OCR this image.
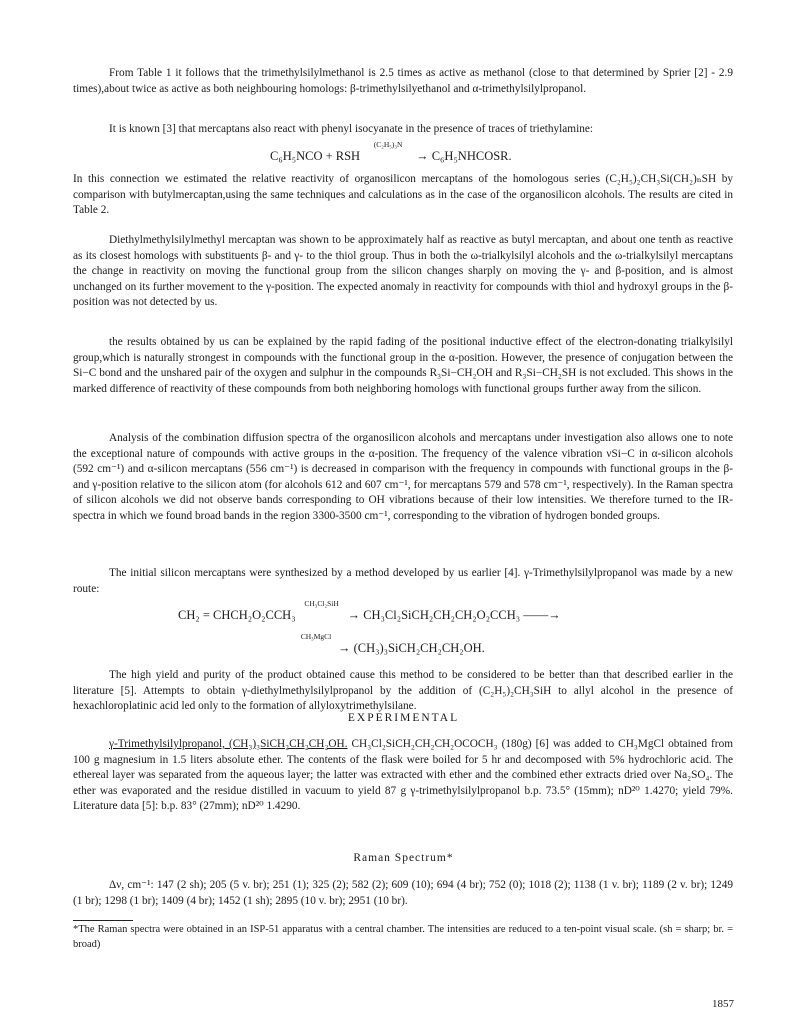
From Table 1 it follows that the trimethylsilylmethanol is 2.5 times as active as methanol (close to that determined by Sprier [2] - 2.9 times),about twice as active as both neighbouring homologs: β-trimethylsilyethanol and α-trimethylsilylpropanol.

It is known [3] that mercaptans also react with phenyl isocyanate in the presence of traces of triethylamine:

C₆H₅NCO + RSH
(C₂H₅)₃N
→ C₆H₅NHCOSR.

In this connection we estimated the relative reactivity of organosilicon mercaptans of the homologous series (C₂H₅)₂CH₃Si(CH₂)ₙSH by comparison with butylmercaptan,using the same techniques and calculations as in the case of the organosilicon alcohols. The results are cited in Table 2.

Diethylmethylsilylmethyl mercaptan was shown to be approximately half as reactive as butyl mercaptan, and about one tenth as reactive as its closest homologs with substituents β- and γ- to the thiol group. Thus in both the ω-trialkylsilyl alcohols and the ω-trialkylsilyl mercaptans the change in reactivity on moving the functional group from the silicon changes sharply on moving the γ- and β-position, and is almost unchanged on its further movement to the γ-position. The expected anomaly in reactivity for compounds with thiol and hydroxyl groups in the β-position was not detected by us.

the results obtained by us can be explained by the rapid fading of the positional inductive effect of the electron-donating trialkylsilyl group,which is naturally strongest in compounds with the functional group in the α-position. However, the presence of conjugation between the Si−C bond and the unshared pair of the oxygen and sulphur in the compounds R₃Si−CH₂OH and R₃Si−CH₂SH is not excluded. This shows in the marked difference of reactivity of these compounds from both neighboring homologs with functional groups further away from the silicon.

Analysis of the combination diffusion spectra of the organosilicon alcohols and mercaptans under investigation also allows one to note the exceptional nature of compounds with active groups in the α-position. The frequency of the valence vibration νSi−C in α-silicon alcohols (592 cm⁻¹) and α-silicon mercaptans (556 cm⁻¹) is decreased in comparison with the frequency in compounds with functional groups in the β- and γ-position relative to the silicon atom (for alcohols 612 and 607 cm⁻¹, for mercaptans 579 and 578 cm⁻¹, respectively). In the Raman spectra of silicon alcohols we did not observe bands corresponding to OH vibrations because of their low intensities. We therefore turned to the IR-spectra in which we found broad bands in the region 3300-3500 cm⁻¹, corresponding to the vibration of hydrogen bonded groups.

The initial silicon mercaptans were synthesized by a method developed by us earlier [4]. γ-Trimethylsilylpropanol was made by a new route:

CH₂ = CHCH₂O₂CCH₃
CH₃Cl₂SiH
→ CH₃Cl₂SiCH₂CH₂CH₂O₂CCH₃ ——→
CH₃MgCl
→ (CH₃)₃SiCH₂CH₂CH₂OH.

The high yield and purity of the product obtained cause this method to be considered to be better than that described earlier in the literature [5]. Attempts to obtain γ-diethylmethylsilylpropanol by the addition of (C₂H₅)₂CH₃SiH to allyl alcohol in the presence of hexachloroplatinic acid led only to the formation of allyloxytrimethylsilane.

EXPERIMENTAL

γ-Trimethylsilylpropanol, (CH₃)₃SiCH₂CH₂CH₂OH. CH₃Cl₂SiCH₂CH₂CH₂OCOCH₃ (180g) [6] was added to CH₃MgCl obtained from 100 g magnesium in 1.5 liters absolute ether. The contents of the flask were boiled for 5 hr and decomposed with 5% hydrochloric acid. The ethereal layer was separated from the aqueous layer; the latter was extracted with ether and the combined ether extracts dried over Na₂SO₄. The ether was evaporated and the residue distilled in vacuum to yield 87 g γ-trimethylsilylpropanol b.p. 73.5° (15mm); nD²⁰ 1.4270; yield 79%. Literature data [5]: b.p. 83° (27mm); nD²⁰ 1.4290.

Raman Spectrum*

Δν, cm⁻¹: 147 (2 sh); 205 (5 v. br); 251 (1); 325 (2); 582 (2); 609 (10); 694 (4 br); 752 (0); 1018 (2); 1138 (1 v. br); 1189 (2 v. br); 1249 (1 br); 1298 (1 br); 1409 (4 br); 1452 (1 sh); 2895 (10 v. br); 2951 (10 br).

*The Raman spectra were obtained in an ISP-51 apparatus with a central chamber. The intensities are reduced to a ten-point visual scale. (sh = sharp; br. = broad)

1857
